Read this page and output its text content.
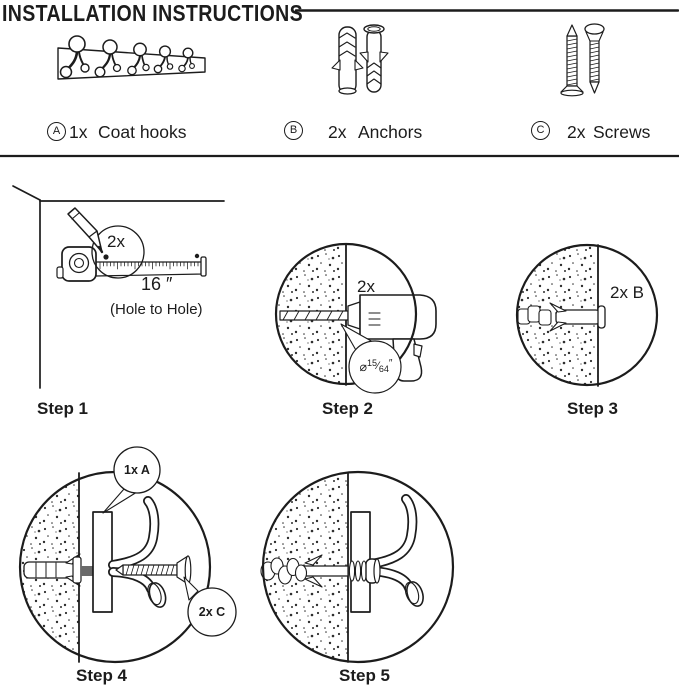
INSTALLATION INSTRUCTIONS
A 1x Coat hooks	B	2x Anchors	C	2x Screws
2x
16 ″
(Hole to Hole)
Step 1
2x
⌀$^{15}$⁄64″
Step 2
2x B
Step 3
1x A
2x C
Step 4	Step 5
